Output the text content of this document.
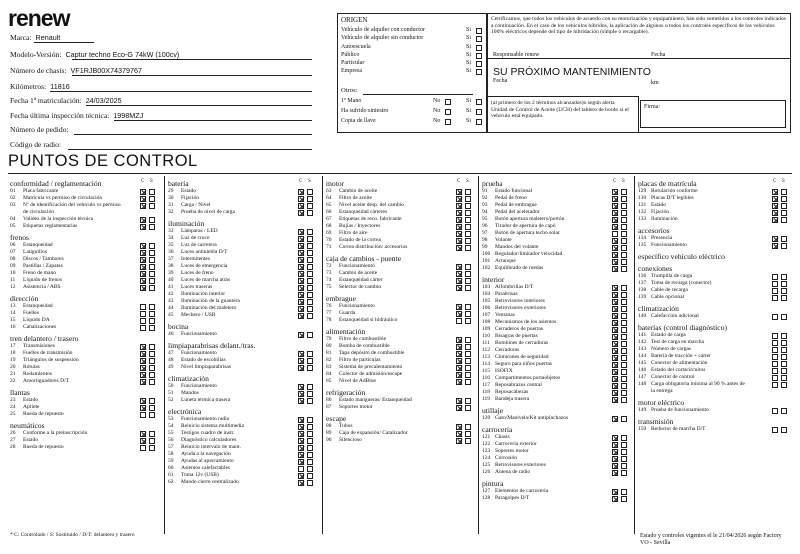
renew
Marca: Renault
Modelo-Versión: Captur techno Eco-G 74kW (100cv)
Número de chasis: VF1RJB00X74379767
Kilómetros: 11816
Fecha 1ª matriculación: 24/03/2025
Fecha última inspección técnica: 1998MZJ
Número de pedido:
Código de radio:
ORIGEN
Vehículo de alquiler con conductor	Si
Vehículo de alquiler sin conductor	Si
Autoescuela	Si
Público	Si
Particular	Si
Empresa	Si
Otros:
1º Mano	No	Si
Ha sufrido siniestro	No	Si
Copia de llave	No	Si
Certificamos, que todos los vehículos de acuerdo con su motorización y equipamiento, han sido sometidos a los controles indicados a continuación. En el caso de los vehículos híbridos, la aplicación de algunos o todos los controles específicos de los vehículos 100% eléctricos depende del tipo de hibridación (simple o recargable).
Responsable renew	Fecha
SU PRÓXIMO MANTENIMIENTO
Fecha	km
(al primero de los 2 términos alcanzados)o según alerta Unidad de Control de Aceite (UCH) del tablero de bordo si el vehículo está equipado.
Firma:
PUNTOS DE CONTROL
conformidad / reglamentación	C S
01 Placa fabricante
02 Matrícula vs permiso de circulación
03 Nº de identificación del vehículo vs permiso
de circulación
04 Validez de la inspección técnica
05 Etiquetas reglamentarias
frenos
06 Estanqueidad
07 Latiguillos
08 Discos / Tambores
09 Pastillas / Zapatas
10 Freno de mano
11 Líquido de frenos
12 Asistencia / ABS
dirección
13 Estanqueidad
14 Fuelles
15 Líquido DA
16 Canalizaciones
tren delantero / trasero
17 Transmisiones
18 Fuelles de transmisión
19 Triángulos de suspensión
20 Rótulas
21 Rodamientos
22 Amortiguadores D/T
llantas
23 Estado
24 Apriete
25 Rueda de repuesto
neumáticos
26 Conforme a la preinscripción
27 Estado
28 Rueda de repuesto
batería	C S
29 Estado
30 Fijación
31 Carga / Nivel
32 Prueba de nivel de carga
iluminación
33 Lámparas / LED
34 Luz de cruce
35 Luz de carretera
36 Luces antiniebla D/T
37 Intermitentes
38 Luces de emergencia
39 Luces de freno
40 Luces de marcha atrás
41 Luces traseras
42 Iluminación interior
43 Iluminación de la guantera
44 Iluminación del maletero
45 Mechero / USB
bocina
46 Funcionamiento
limpiaparabrisas delant./tras.
47 Funcionamiento
48 Estado de escobillas
49 Nivel limpiaparabrisas
climatización
50 Funcionamiento
51 Mandos
52 Luneta térmica trasera
electrónica
53 Funcionamiento radio
54 Reinicio sistema multimedia
55 Testigos cuadro de instr.
56 Diagnóstico calculadores
57 Reinicio intervalo de mant.
58 Ayuda a la navegación
59 Ayudas al aparcamiento
60 Asientos calefactables
61 Toma 12v (USB)
62 Mando cierre centralizado
motor	C S
63 Cambio de aceite
64 Filtro de aceite
65 Nivel aceite desp. del cambio
66 Estanqueidad cárteres
67 Etiquetas de reco. fabricante
68 Bujías / Inyectores
69 Filtro de aire
70 Estado de la correa
71 Correa distribución/ accesorios
caja de cambios - puente
72 Funcionamiento
73 Cambio de aceite
74 Estanqueidad cárter
75 Selector de cambio
embrague
76 Funcionamiento
77 Guarda
78 Estanqueidad si hidráulico
alimentación
79 Filtro de combustible
80 Bomba de combustible
81 Tapa depósito de combustible
82 Filtro de partículas
83 Sistema de precalentamiento
84 Colector de admisión/escape
85 Nivel de AdBlue
refrigeración
86 Estado mangueras/ Estanqueidad
87 Soportes motor
escape
88 Tubos
89 Caja de expansión/ Catalizador
90 Silencioso
prueba	C S
91 Estado funcional
92 Pedal de freno
93 Pedal de embrague
94 Pedal del acelerador
95 Botón apertura maletero/portón
96 Tirador de apertura de capó
97 Botón de apertura techo solar
98 Volante
99 Mandos del volante
100 Regulador/limitador velocidad
101 Arranque
102 Equilibrado de ruedas
interior
103 Alfombrillas D/T
104 Parabrisas
105 Retrovisores interiores
106 Retrovisores exteriores
107 Ventanas
108 Mecanismos de los asientos
109 Cerraderos de puertas
110 Bisagras de puertas
111 Bombines de cerraduras
112 Cerraduras
113 Cinturones de seguridad
114 Seguro para niños puertas
115 ISOFIX
116 Compartimentos portaobjetos
117 Reposabrazos central
118 Reposacabezas
119 Bandeja trasera
utillaje
120 Gato/Manivela/Kit antipinchazos
carrocería
121 Chasis
122 Carrocería exterior
123 Soportes motor
124 Corrosión
125 Retrovisores exteriores
126 Antena de radio
pintura
127 Elementos de carrocería
128 Paragolpes D/T
placas de matrícula	C S
129 Rotulación conforme
130 Placas D/T legibles
131 Estado
132 Fijación
133 Iluminación
accesorios
134 Presencia
135 Funcionamiento
específico vehículo eléctrico
conexiones
136 Trampilla de carga
137 Toma de recarga (conector)
138 Cable de recarga
139 Cable opcional
climatización
140 Calefacción adicional
baterías (control diagnóstico)
141 Estado de carga
142 Test de carga en marcha
143 Número de cargas
144 Batería de tracción + cárter
145 Conector de alimentación
146 Estado del cortacircuitos
147 Conector de control
148 Carga obligatoria mínima al 90 % antes de
la entrega
motor eléctrico
149 Prueba de funcionamiento
transmisión
150 Reductor de marcha D/T
* C: Controlado / S: Sustituido / D/T: delantero y trasero	Estado y controles vigentes el le 21/04/2026 según Factory VO - Sevilla
